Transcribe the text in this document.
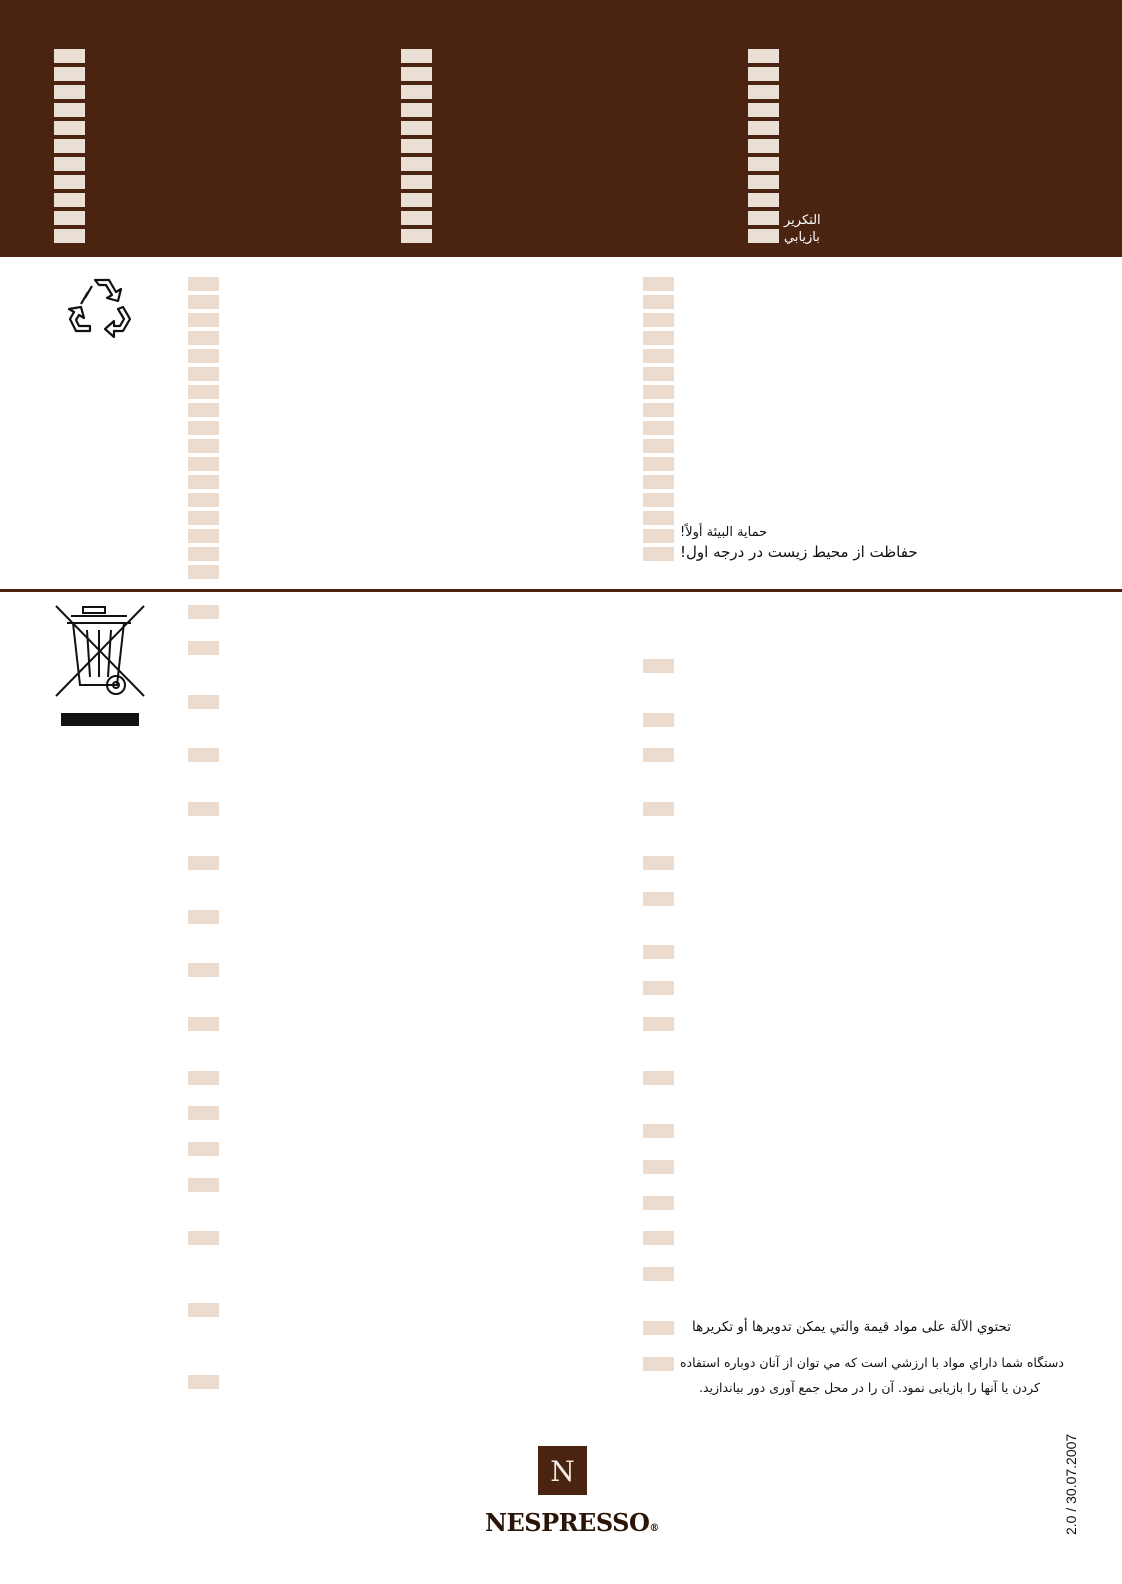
التكرير
بازيابي
حماية البيئة أولاً!
حفاظت از محیط زیست در درجه اول!
تحتوي الآلة على مواد قيمة والتي يمكن تدويرها أو تكريرها
دستگاه شما داراي مواد با ارزشي است كه مي توان از آنان دوباره استفاده
كردن يا آنها را بازيابی نمود. آن را در محل جمع آوری دور بياندازيد.
N
NESPRESSO®	2.0 / 30.07.2007
